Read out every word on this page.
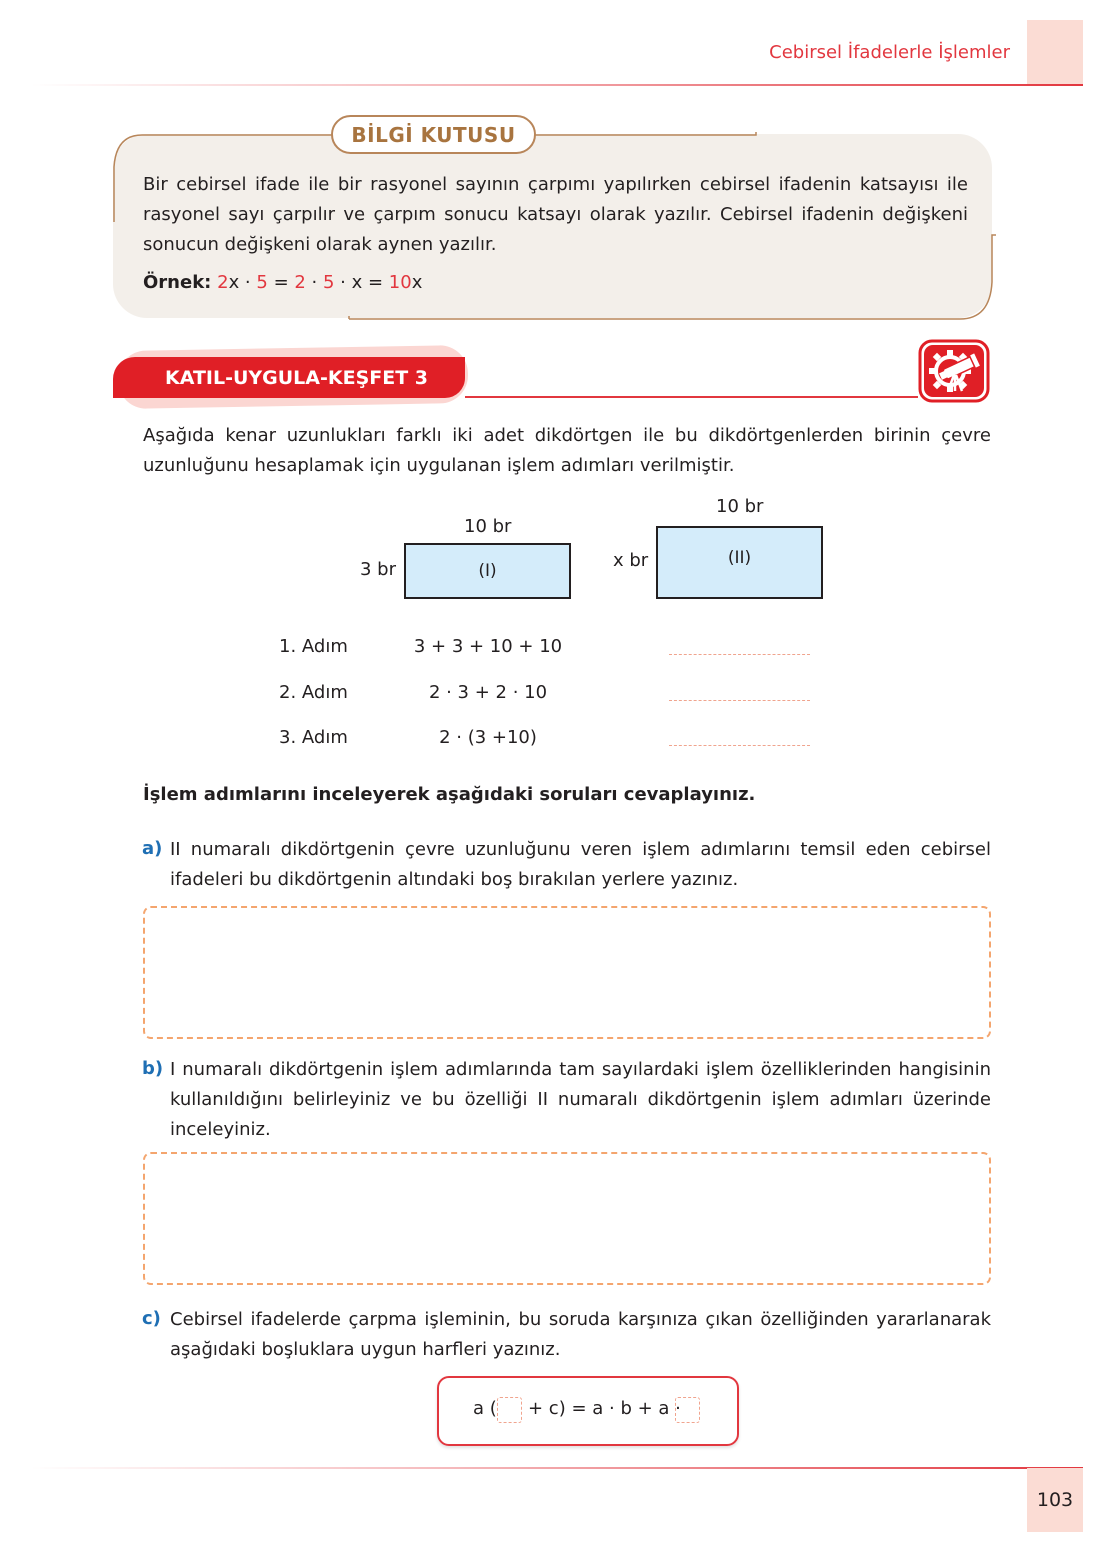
Cebirsel İfadelerle İşlemler
BİLGİ KUTUSU
Bir cebirsel ifade ile bir rasyonel sayının çarpımı yapılırken cebirsel ifadenin katsayısı ile rasyonel sayı çarpılır ve çarpım sonucu katsayı olarak yazılır. Cebirsel ifadenin değişkeni sonucun değişkeni olarak aynen yazılır.
Örnek: 2x · 5 = 2 · 5 · x = 10x
KATIL-UYGULA-KEŞFET 3
Aşağıda kenar uzunlukları farklı iki adet dikdörtgen ile bu dikdörtgenlerden birinin çevre uzunluğunu hesaplamak için uygulanan işlem adımları verilmiştir.
10 br
3 br	(I)
10 br
x br	(II)
1. Adım	3 + 3 + 10 + 10
2. Adım	2 · 3 + 2 · 10
3. Adım	2 · (3 +10)
İşlem adımlarını inceleyerek aşağıdaki soruları cevaplayınız.
a) II numaralı dikdörtgenin çevre uzunluğunu veren işlem adımlarını temsil eden cebirsel ifadeleri bu dikdörtgenin altındaki boş bırakılan yerlere yazınız.
b) I numaralı dikdörtgenin işlem adımlarında tam sayılardaki işlem özelliklerinden hangisinin kullanıldığını belirleyiniz ve bu özelliği II numaralı dikdörtgenin işlem adımları üzerinde inceleyiniz.
c) Cebirsel ifadelerde çarpma işleminin, bu soruda karşınıza çıkan özelliğinden yararlanarak aşağıdaki boşluklara uygun harfleri yazınız.
a ( + c) = a · b + a ·
103
